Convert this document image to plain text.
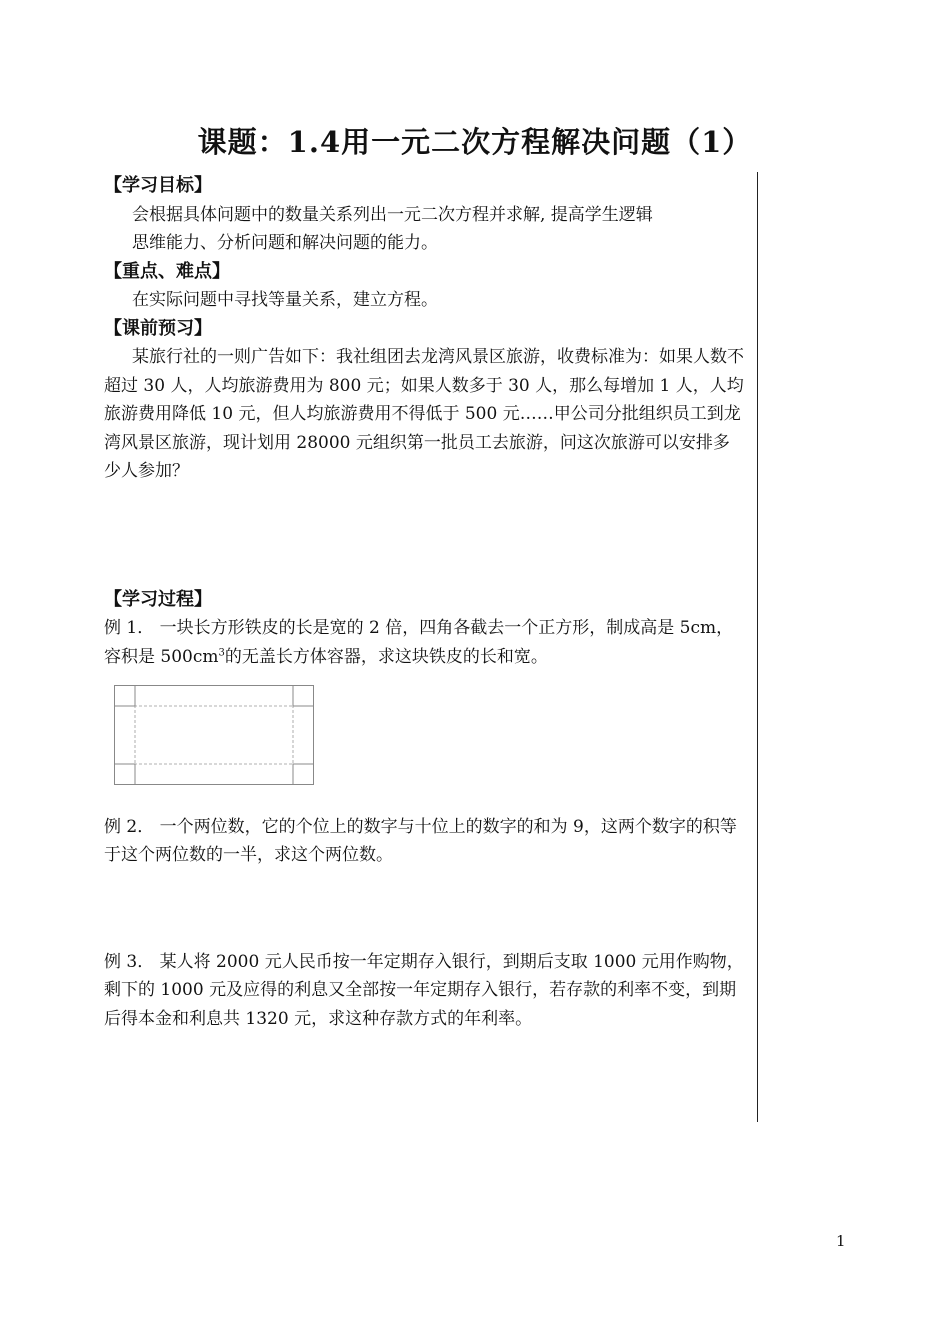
课题：1.4用一元二次方程解决问题（1）
【学习目标】
会根据具体问题中的数量关系列出一元二次方程并求解, 提高学生逻辑
思维能力、分析问题和解决问题的能力。
【重点、难点】
在实际问题中寻找等量关系，建立方程。
【课前预习】
某旅行社的一则广告如下：我社组团去龙湾风景区旅游，收费标准为：如果人数不超过 30 人，人均旅游费用为 800 元；如果人数多于 30 人，那么每增加 1 人，人均旅游费用降低 10 元，但人均旅游费用不得低于 500 元……甲公司分批组织员工到龙湾风景区旅游，现计划用 28000 元组织第一批员工去旅游，问这次旅游可以安排多少人参加？
【学习过程】
例 1． 一块长方形铁皮的长是宽的 2 倍，四角各截去一个正方形，制成高是 5cm，容积是 $500cm^3$的无盖长方体容器，求这块铁皮的长和宽。
例 2． 一个两位数，它的个位上的数字与十位上的数字的和为 9，这两个数字的积等于这个两位数的一半，求这个两位数。
例 3． 某人将 2000 元人民币按一年定期存入银行，到期后支取 1000 元用作购物，剩下的 1000 元及应得的利息又全部按一年定期存入银行，若存款的利率不变，到期后得本金和利息共 1320 元，求这种存款方式的年利率。
1
